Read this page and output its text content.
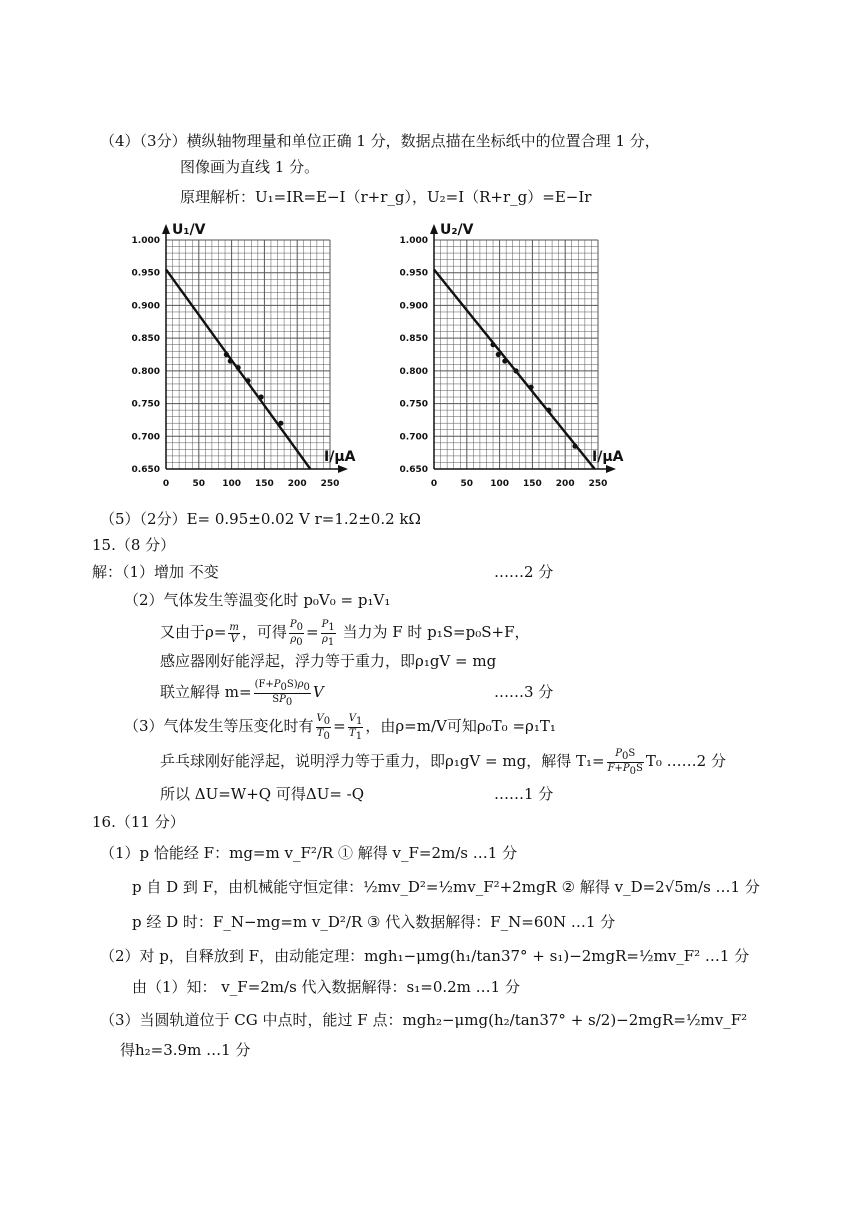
（4）（3分）横纵轴物理量和单位正确 1 分，数据点描在坐标纸中的位置合理 1 分，
图像画为直线 1 分。
原理解析：U₁=IR=E−I（r+r_g），U₂=I（R+r_g）=E−Ir
1.000
0.950
0.900
0.850
0.800
0.750
0.700
0.650
0	50 100 150 200 250
U₁/V
I/μA
1.000
0.950
0.900
0.850
0.800
0.750
0.700
0.650
0	50 100 150 200 250
U₂/V
I/μA
（5）（2分）E= 0.95±0.02 V r=1.2±0.2 kΩ
15.（8 分）
解：（1）增加 不变	……2 分
（2）气体发生等温变化时 p₀V₀ = p₁V₁
又由于$\rho= \frac{m}{V}$ ，可得 $\frac{P_0}{\rho_0} = \frac{P_1}{\rho_1}$ 当力为 F 时 p₁S=p₀S+F，
感应器刚好能浮起，浮力等于重力，即ρ₁gV = mg
联立解得 $m= \frac{(F+P_0S)\rho_0}{SP_0}$ V	……3 分
（3）气体发生等压变化时有 $\frac{V_0}{T_0} = \frac{V_1}{T_1}$ ，由ρ=m/V可知ρ₀T₀ =ρ₁T₁
乒乓球刚好能浮起，说明浮力等于重力，即ρ₁gV = mg，解得 $T_1= \frac{P_0S}{F+P_0S} T_0$ ……2 分
所以 ΔU=W+Q 可得ΔU= -Q	……1 分
16.（11 分）
（1）p 恰能经 F：mg=m v_F²/R ① 解得 v_F=2m/s …1 分
p 自 D 到 F，由机械能守恒定律：½mv_D²=½mv_F²+2mgR ② 解得 v_D=2√5m/s …1 分
p 经 D 时：F_N−mg=m v_D²/R ③ 代入数据解得：F_N=60N …1 分
（2）对 p，自释放到 F，由动能定理：mgh₁−μmg(h₁/tan37° + s₁)−2mgR=½mv_F² …1 分
由（1）知： v_F=2m/s 代入数据解得：s₁=0.2m …1 分
（3）当圆轨道位于 CG 中点时，能过 F 点：mgh₂−μmg(h₂/tan37° + s/2)−2mgR=½mv_F²
得h₂=3.9m …1 分
